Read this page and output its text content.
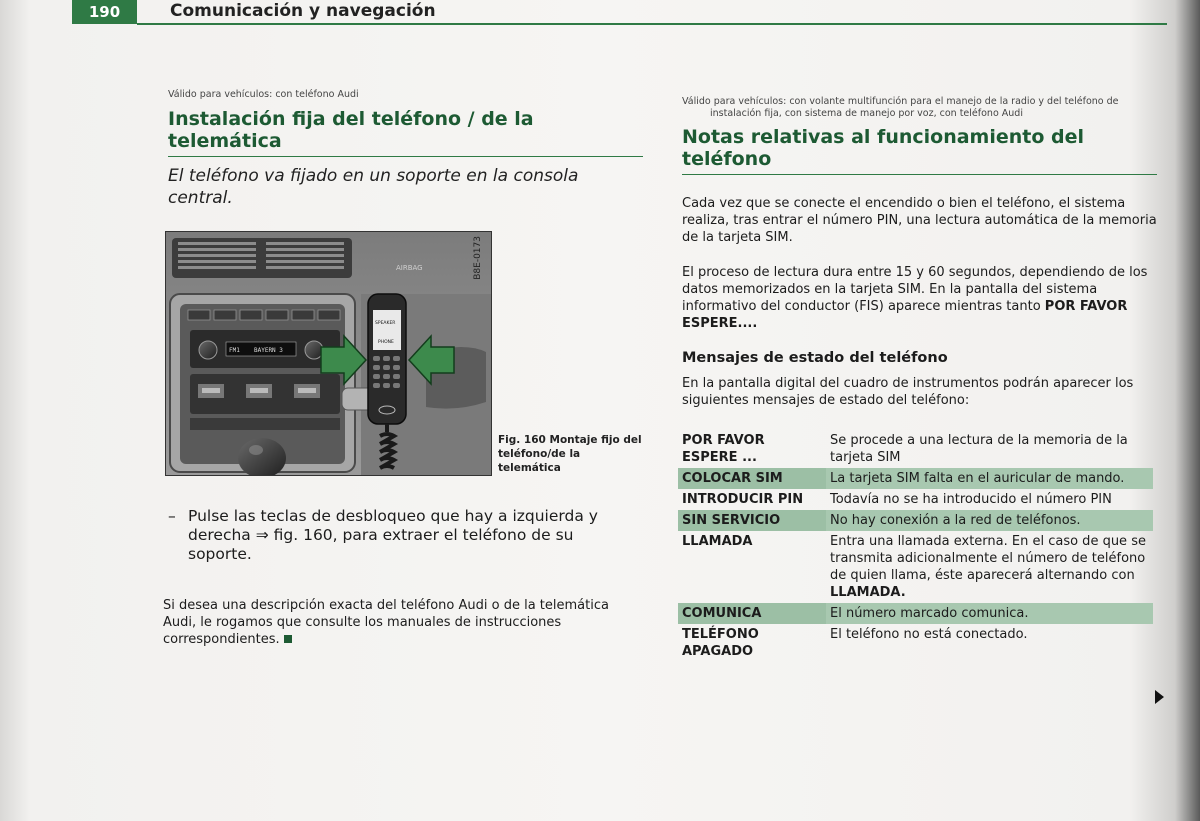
190	Comunicación y navegación
Válido para vehículos: con teléfono Audi
Instalación fija del teléfono / de la
telemática
El teléfono va fijado en un soporte en la consola central.
AIRBAG
FM1 BAYERN 3
SPEAKER
PHONE
B8E-0173
Fig. 160 Montaje fijo del teléfono/de la telemática
– Pulse las teclas de desbloqueo que hay a izquierda y derecha ⇒ fig. 160, para extraer el teléfono de su soporte.
Si desea una descripción exacta del teléfono Audi o de la telemática Audi, le rogamos que consulte los manuales de instrucciones correspondientes.
Válido para vehículos: con volante multifunción para el manejo de la radio y del teléfono de
instalación fija, con sistema de manejo por voz, con teléfono Audi
Notas relativas al funcionamiento del
teléfono
Cada vez que se conecte el encendido o bien el teléfono, el sistema realiza, tras entrar el número PIN, una lectura automática de la memoria de la tarjeta SIM.
El proceso de lectura dura entre 15 y 60 segundos, dependiendo de los datos memorizados en la tarjeta SIM. En la pantalla del sistema informativo del conductor (FIS) aparece mientras tanto POR FAVOR ESPERE....
Mensajes de estado del teléfono
En la pantalla digital del cuadro de instrumentos podrán aparecer los siguientes mensajes de estado del teléfono:
POR FAVOR ESPERE ...	Se procede a una lectura de la memoria de la tarjeta SIM
COLOCAR SIM	La tarjeta SIM falta en el auricular de mando.
INTRODUCIR PIN	Todavía no se ha introducido el número PIN
SIN SERVICIO	No hay conexión a la red de teléfonos.
LLAMADA	Entra una llamada externa. En el caso de que se transmita adicionalmente el número de teléfono de quien llama, éste aparecerá alternando con LLAMADA.
COMUNICA	El número marcado comunica.
TELÉFONO APAGADO	El teléfono no está conectado.
